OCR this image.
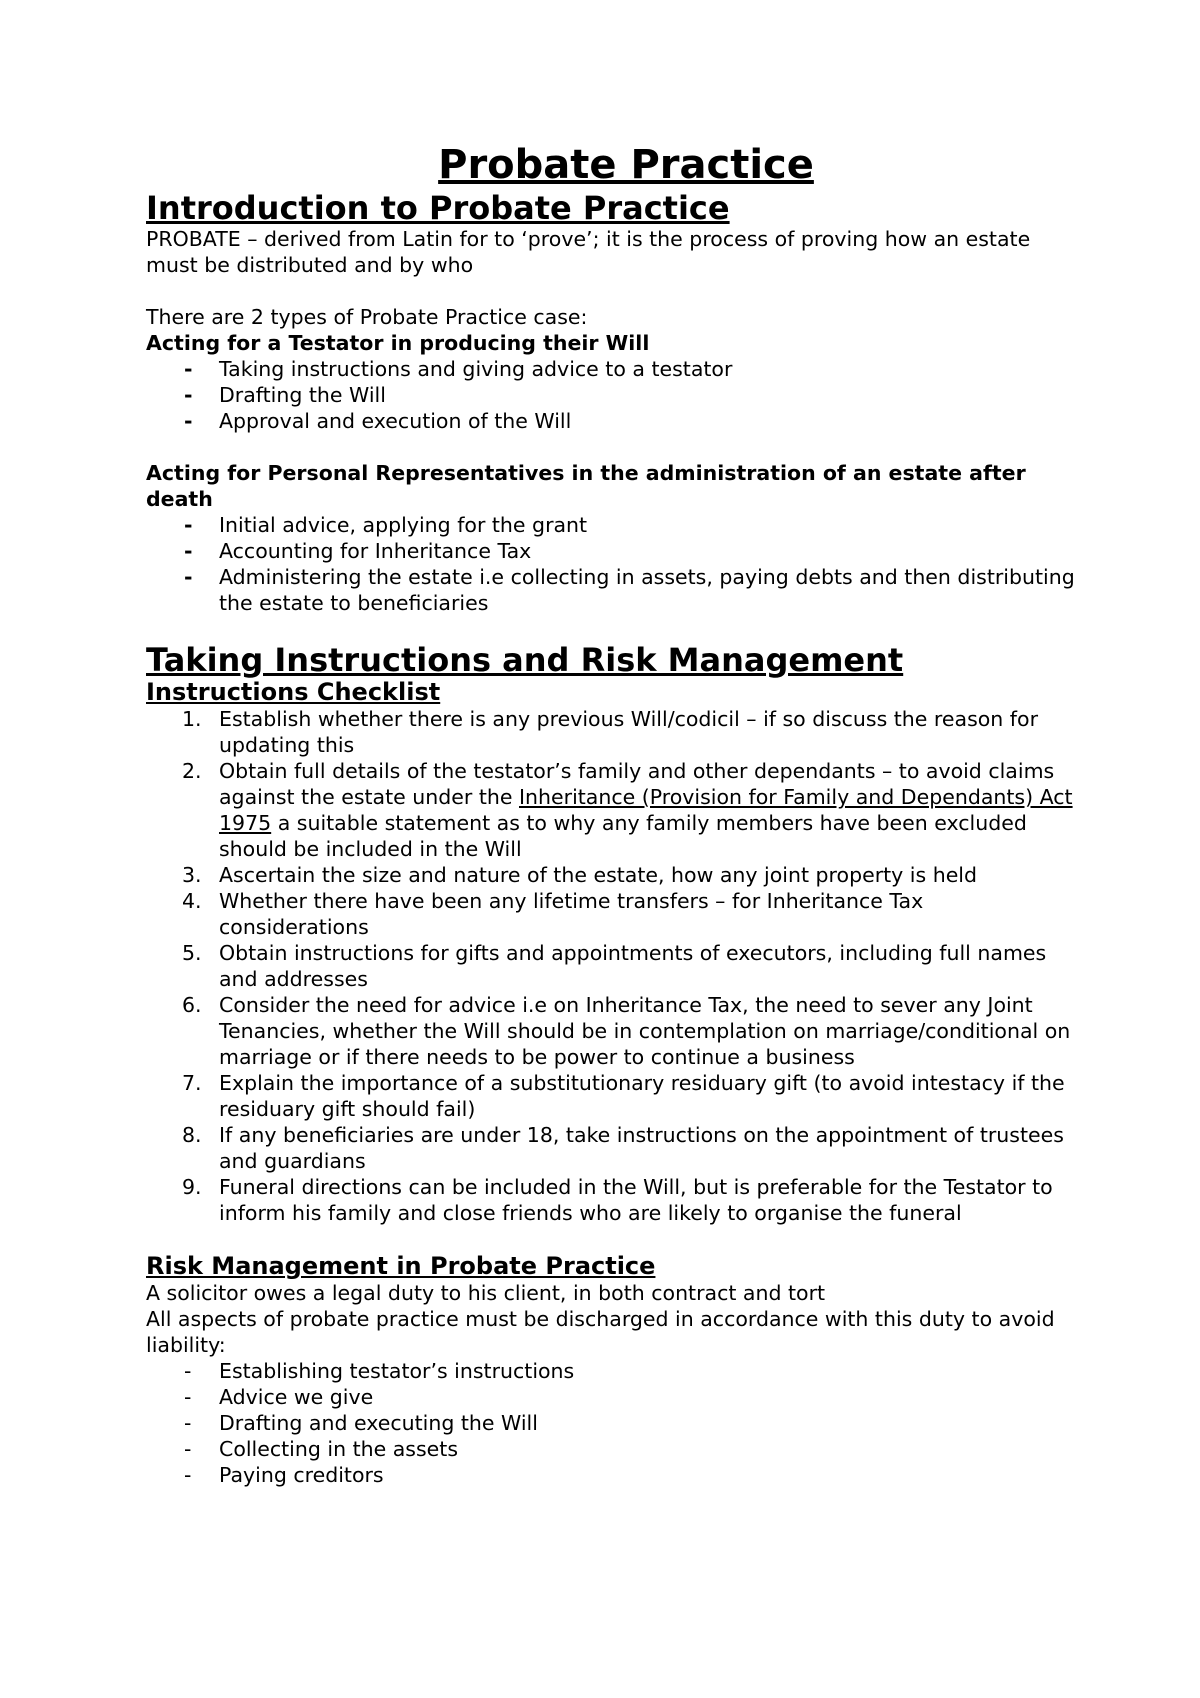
Probate Practice
Introduction to Probate Practice

PROBATE – derived from Latin for to ‘prove’; it is the process of proving how an estate must be distributed and by who

There are 2 types of Probate Practice case:

Acting for a Testator in producing their Will

- Taking instructions and giving advice to a testator
- Drafting the Will
- Approval and execution of the Will

Acting for Personal Representatives in the administration of an estate after death

- Initial advice, applying for the grant
- Accounting for Inheritance Tax
- Administering the estate i.e collecting in assets, paying debts and then distributing the estate to beneficiaries
Taking Instructions and Risk Management
Instructions Checklist
1. Establish whether there is any previous Will/codicil – if so discuss the reason for updating this
2. Obtain full details of the testator’s family and other dependants – to avoid claims against the estate under the Inheritance (Provision for Family and Dependants) Act 1975 a suitable statement as to why any family members have been excluded should be included in the Will
3. Ascertain the size and nature of the estate, how any joint property is held
4. Whether there have been any lifetime transfers – for Inheritance Tax considerations
5. Obtain instructions for gifts and appointments of executors, including full names and addresses
6. Consider the need for advice i.e on Inheritance Tax, the need to sever any Joint Tenancies, whether the Will should be in contemplation on marriage/conditional on marriage or if there needs to be power to continue a business
7. Explain the importance of a substitutionary residuary gift (to avoid intestacy if the residuary gift should fail)
8. If any beneficiaries are under 18, take instructions on the appointment of trustees and guardians
9. Funeral directions can be included in the Will, but is preferable for the Testator to inform his family and close friends who are likely to organise the funeral
Risk Management in Probate Practice

A solicitor owes a legal duty to his client, in both contract and tort

All aspects of probate practice must be discharged in accordance with this duty to avoid liability:

- Establishing testator’s instructions
- Advice we give
- Drafting and executing the Will
- Collecting in the assets
- Paying creditors
